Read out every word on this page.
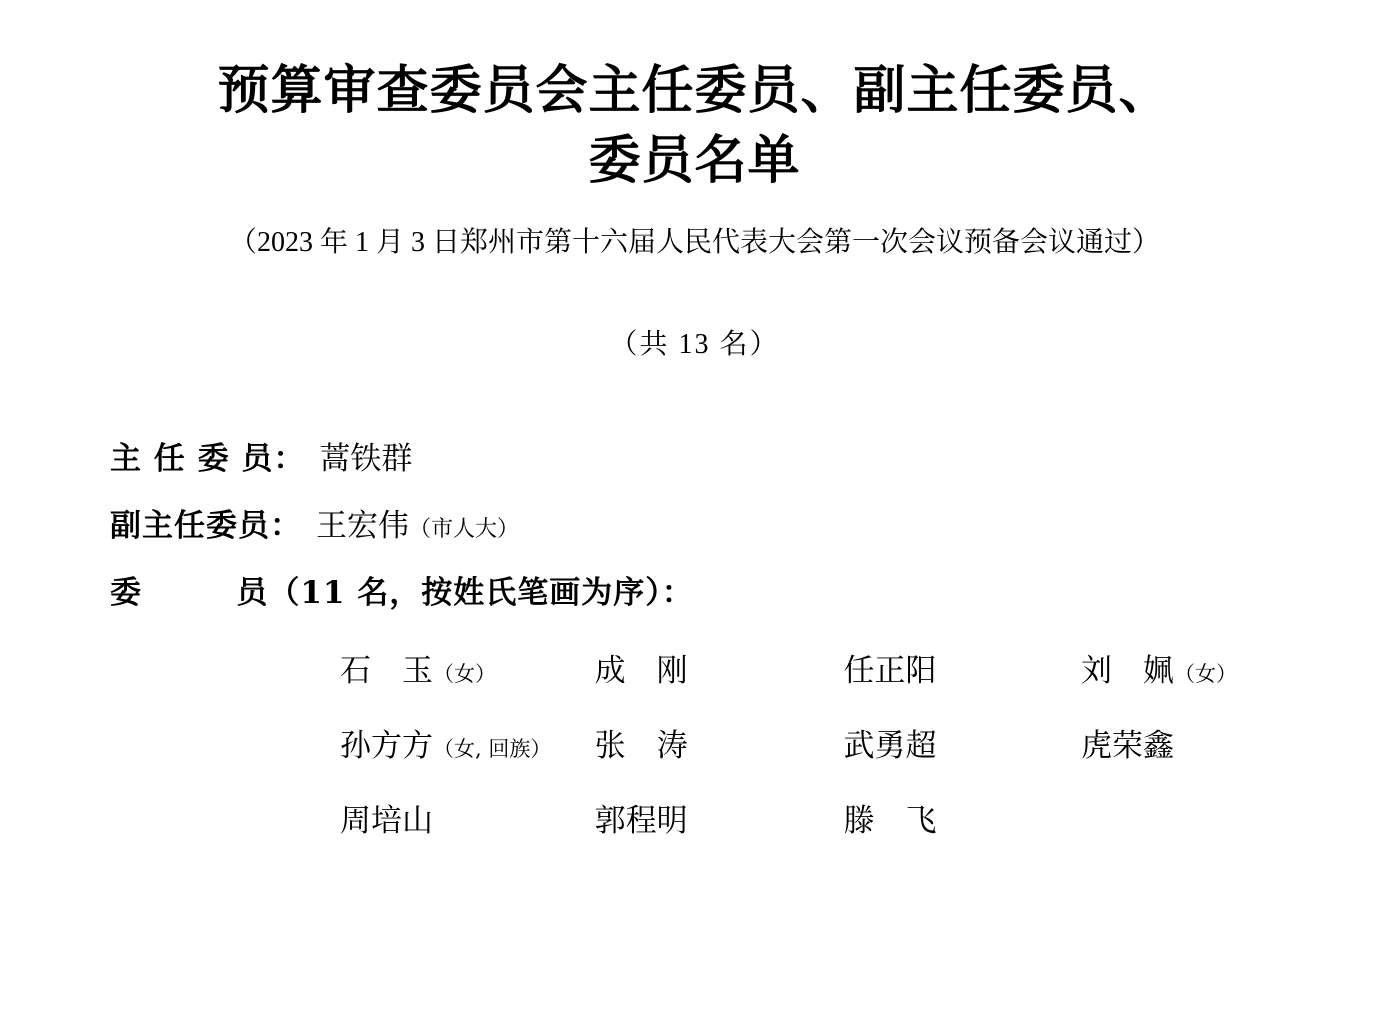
预算审查委员会主任委员、副主任委员、
委员名单

（2023 年 1 月 3 日郑州市第十六届人民代表大会第一次会议预备会议通过）

（共 13 名）

主 任 委 员： 蒿铁群
副主任委员： 王宏伟 （市人大）
委        员（11 名，按姓氏笔画为序）：
石　玉（女）	成　刚	任正阳	刘　姵（女）
孙方方（女, 回族）	张　涛	武勇超	虎荣鑫
周培山	郭程明	滕　飞
